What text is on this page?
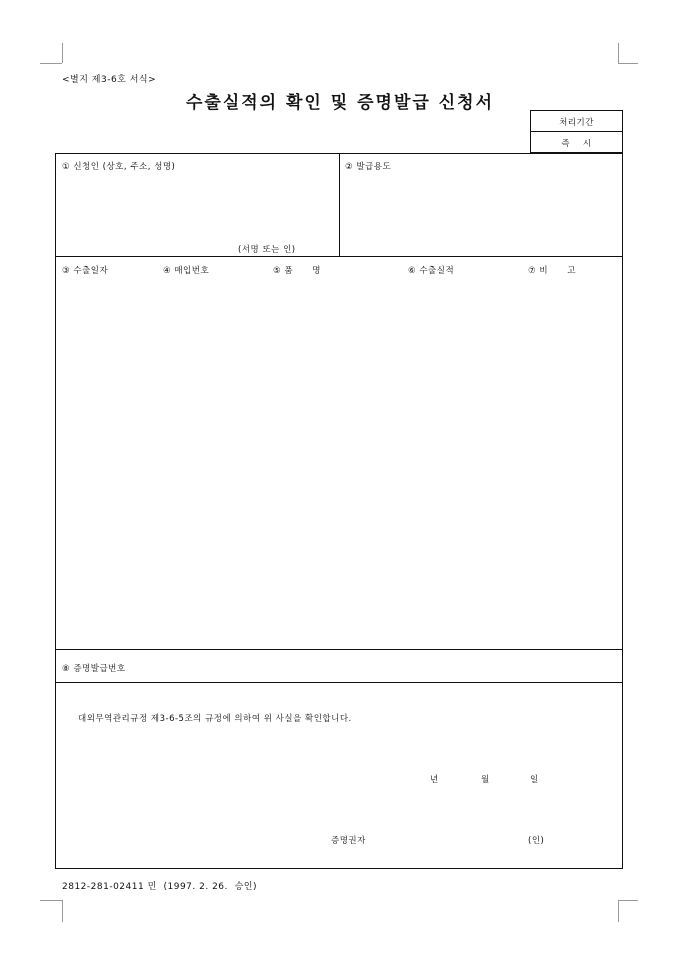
<별지 제3-6호 서식>
수출실적의 확인 및 증명발급 신청서
처리기간
즉    시
① 신청인 (상호, 주소, 성명)
(서명 또는 인)
② 발급용도
③ 수출일자	④ 매입번호	⑤ 품      명	⑥ 수출실적	⑦ 비      고
⑧ 증명발급번호
대외무역관리규정 제3-6-5조의 규정에 의하여 위 사실을 확인합니다.
년	월	일
증명권자	(인)
2812-281-02411 민  (1997. 2. 26.  승인)
